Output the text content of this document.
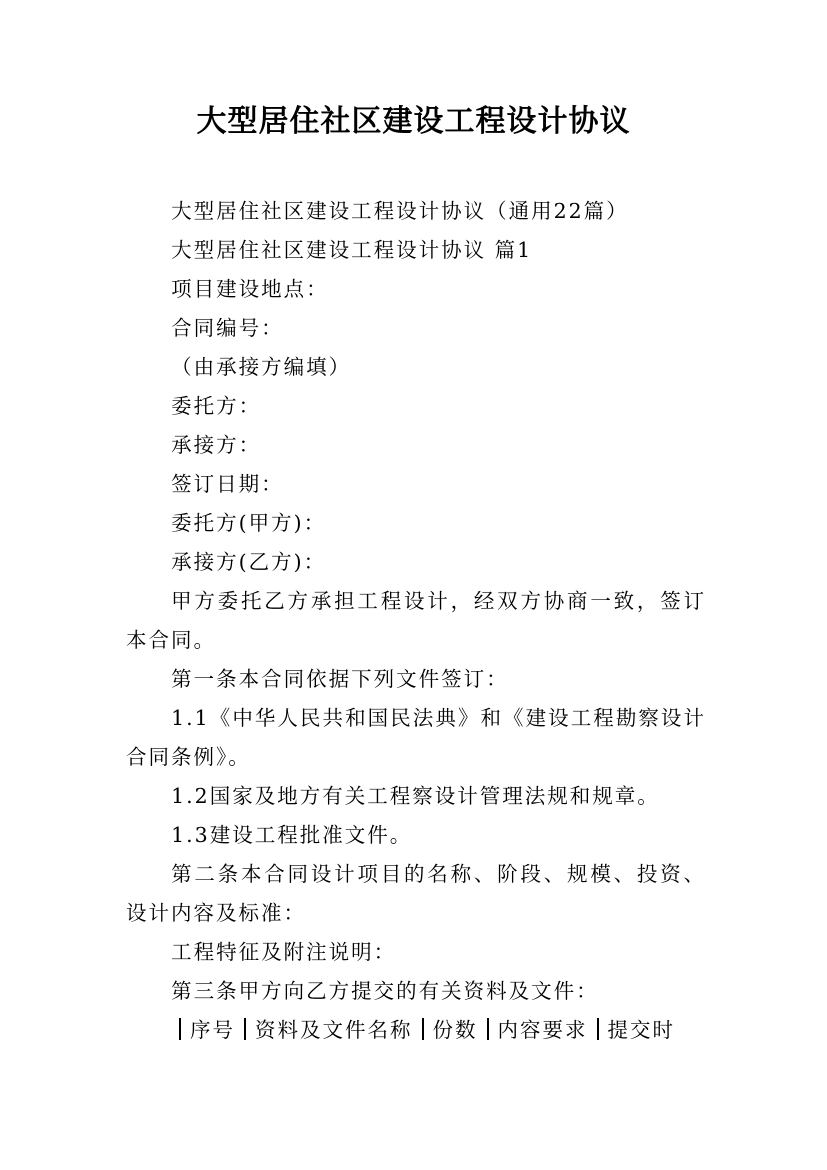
大型居住社区建设工程设计协议

大型居住社区建设工程设计协议（通用22篇）

大型居住社区建设工程设计协议 篇1

项目建设地点：

合同编号：

（由承接方编填）

委托方：

承接方：

签订日期：

委托方(甲方)：

承接方(乙方)：

甲方委托乙方承担工程设计，经双方协商一致，签订本合同。

第一条本合同依据下列文件签订：

1.1《中华人民共和国民法典》和《建设工程勘察设计合同条例》。

1.2国家及地方有关工程察设计管理法规和规章。

1.3建设工程批准文件。

第二条本合同设计项目的名称、阶段、规模、投资、设计内容及标准：

工程特征及附注说明：

第三条甲方向乙方提交的有关资料及文件：

序号 资料及文件名称 份数 内容要求 提交时
